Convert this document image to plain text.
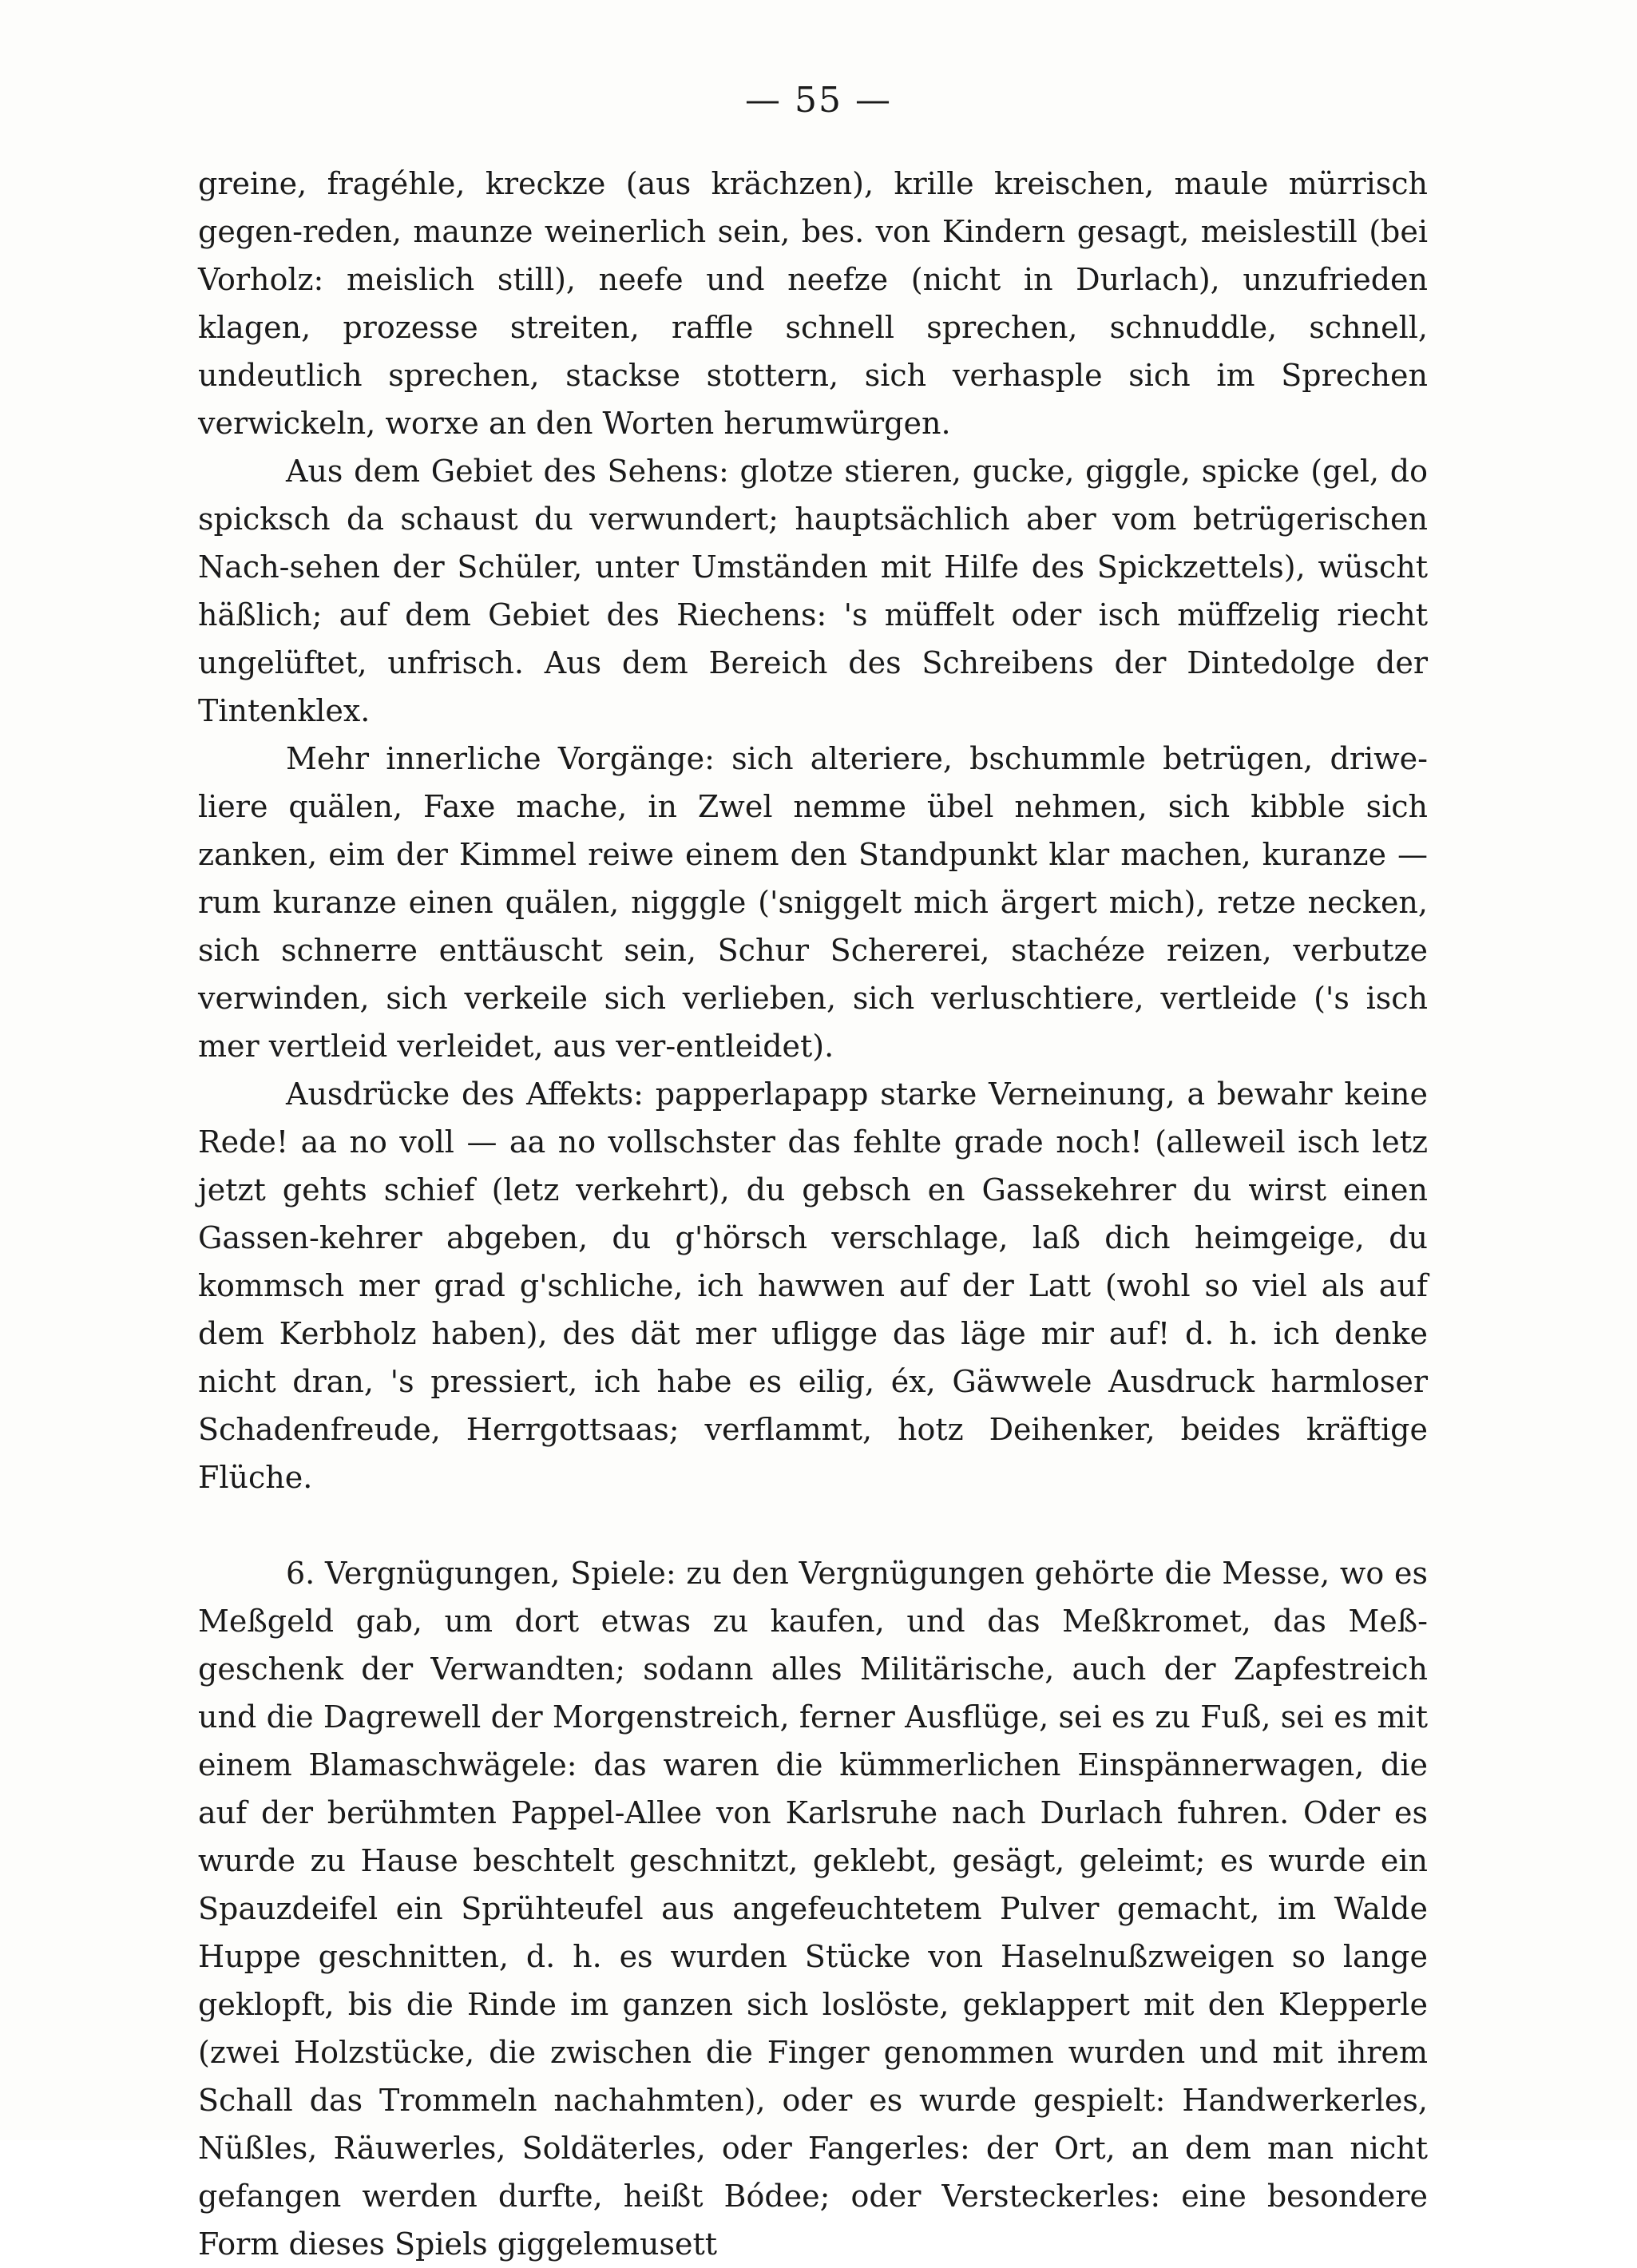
— 55 —

greine, fragéhle, kreckze (aus krächzen), krille kreischen, maule mürrisch gegen-reden, maunze weinerlich sein, bes. von Kindern gesagt, meislestill (bei Vorholz: meislich still), neefe und neefze (nicht in Durlach), unzufrieden klagen, prozesse streiten, raffle schnell sprechen, schnuddle, schnell, undeutlich sprechen, stackse stottern, sich verhasple sich im Sprechen verwickeln, worxe an den Worten herumwürgen.

Aus dem Gebiet des Sehens: glotze stieren, gucke, giggle, spicke (gel, do spicksch da schaust du verwundert; hauptsächlich aber vom betrügerischen Nach-sehen der Schüler, unter Umständen mit Hilfe des Spickzettels), wüscht häßlich; auf dem Gebiet des Riechens: 's müffelt oder isch müffzelig riecht ungelüftet, unfrisch. Aus dem Bereich des Schreibens der Dintedolge der Tintenklex.

Mehr innerliche Vorgänge: sich alteriere, bschummle betrügen, driwe-liere quälen, Faxe mache, in Zwel nemme übel nehmen, sich kibble sich zanken, eim der Kimmel reiwe einem den Standpunkt klar machen, kuranze — rum kuranze einen quälen, nigggle ('sniggelt mich ärgert mich), retze necken, sich schnerre enttäuscht sein, Schur Schererei, stachéze reizen, verbutze verwinden, sich verkeile sich verlieben, sich verluschtiere, vertleide ('s isch mer vertleid verleidet, aus ver-entleidet).

Ausdrücke des Affekts: papperlapapp starke Verneinung, a bewahr keine Rede! aa no voll — aa no vollschster das fehlte grade noch! (alleweil isch letz jetzt gehts schief (letz verkehrt), du gebsch en Gassekehrer du wirst einen Gassen-kehrer abgeben, du g'hörsch verschlage, laß dich heimgeige, du kommsch mer grad g'schliche, ich hawwen auf der Latt (wohl so viel als auf dem Kerbholz haben), des dät mer ufligge das läge mir auf! d. h. ich denke nicht dran, 's pressiert, ich habe es eilig, éx, Gäwwele Ausdruck harmloser Schadenfreude, Herrgottsaas; verflammt, hotz Deihenker, beides kräftige Flüche.

6. Vergnügungen, Spiele: zu den Vergnügungen gehörte die Messe, wo es Meßgeld gab, um dort etwas zu kaufen, und das Meßkromet, das Meß-geschenk der Verwandten; sodann alles Militärische, auch der Zapfestreich und die Dagrewell der Morgenstreich, ferner Ausflüge, sei es zu Fuß, sei es mit einem Blamaschwägele: das waren die kümmerlichen Einspännerwagen, die auf der berühmten Pappel-Allee von Karlsruhe nach Durlach fuhren. Oder es wurde zu Hause beschtelt geschnitzt, geklebt, gesägt, geleimt; es wurde ein Spauzdeifel ein Sprühteufel aus angefeuchtetem Pulver gemacht, im Walde Huppe geschnitten, d. h. es wurden Stücke von Haselnußzweigen so lange geklopft, bis die Rinde im ganzen sich loslöste, geklappert mit den Klepperle (zwei Holzstücke, die zwischen die Finger genommen wurden und mit ihrem Schall das Trommeln nachahmten), oder es wurde gespielt: Handwerkerles, Nüßles, Räuwerles, Soldäterles, oder Fangerles: der Ort, an dem man nicht gefangen werden durfte, heißt Bódee; oder Versteckerles: eine besondere Form dieses Spiels giggelemusett
